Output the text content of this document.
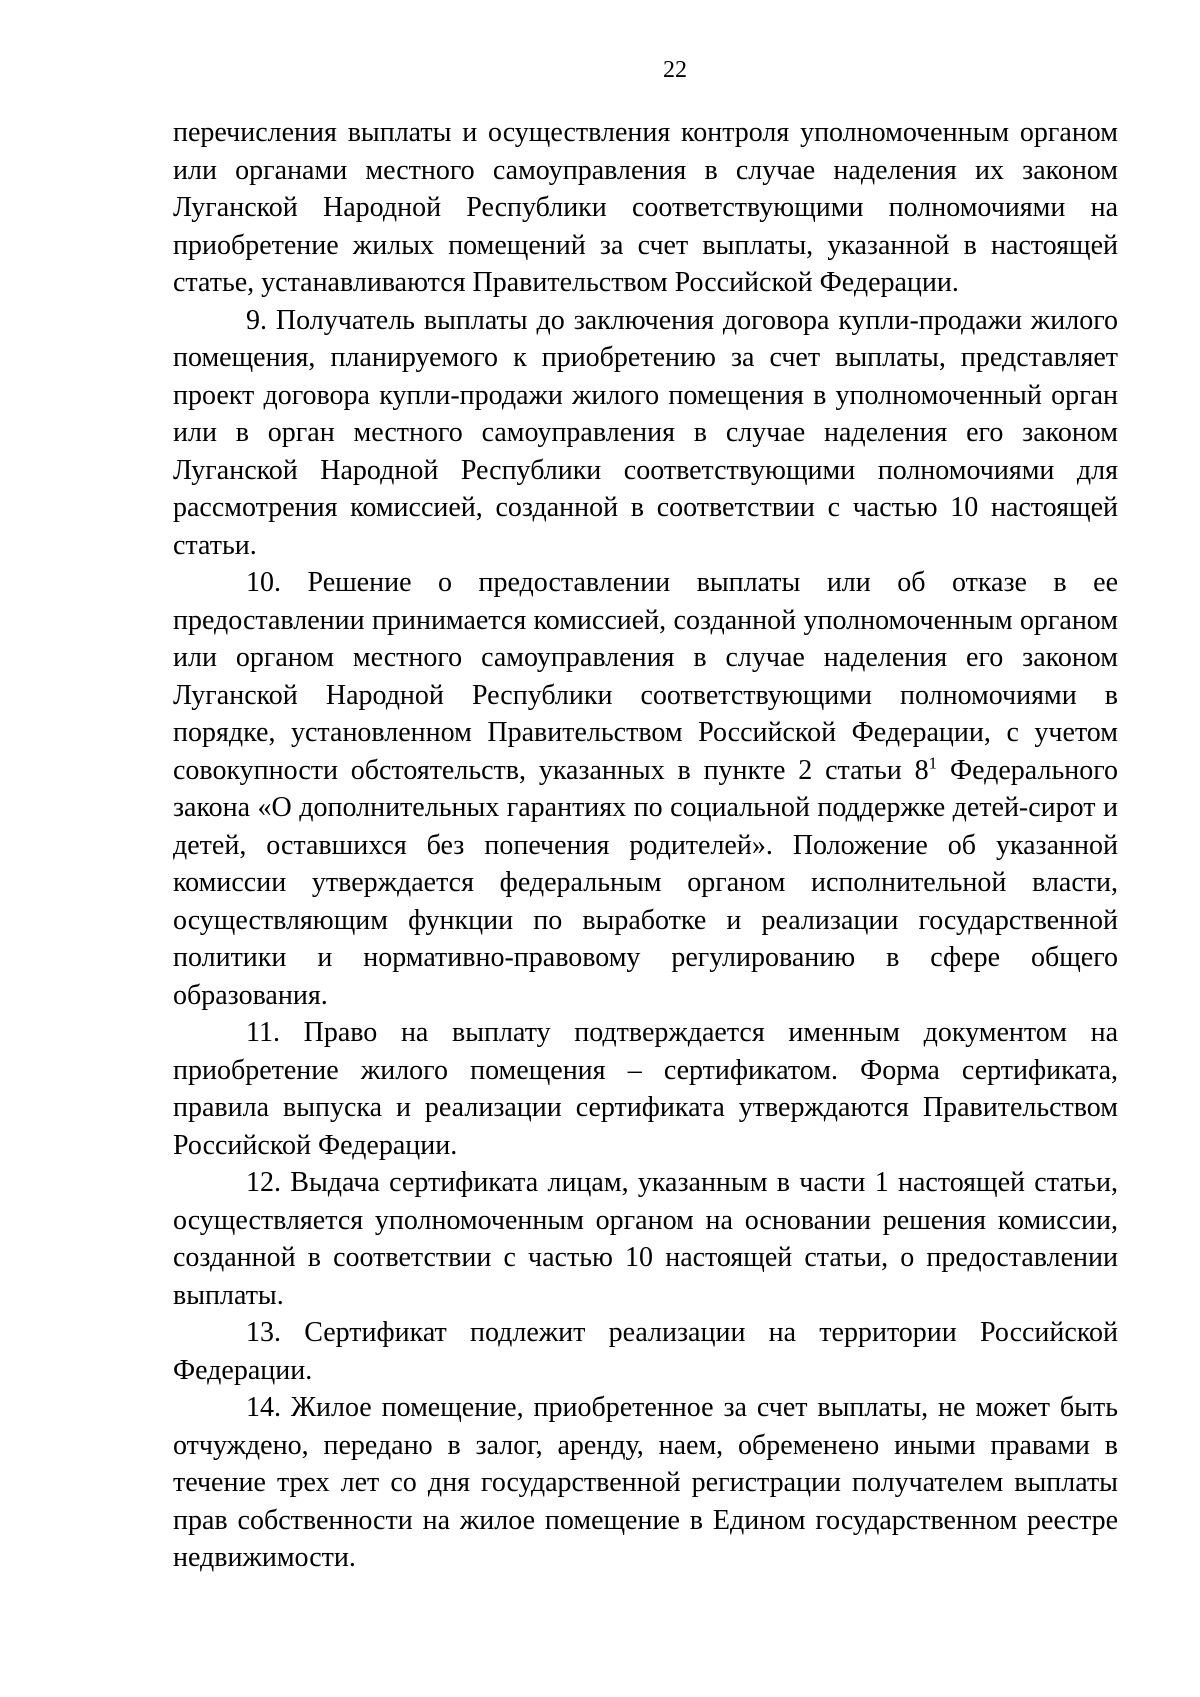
22

перечисления выплаты и осуществления контроля уполномоченным органом или органами местного самоуправления в случае наделения их законом Луганской Народной Республики соответствующими полномочиями на приобретение жилых помещений за счет выплаты, указанной в настоящей статье, устанавливаются Правительством Российской Федерации.

9. Получатель выплаты до заключения договора купли-продажи жилого помещения, планируемого к приобретению за счет выплаты, представляет проект договора купли-продажи жилого помещения в уполномоченный орган или в орган местного самоуправления в случае наделения его законом Луганской Народной Республики соответствующими полномочиями для рассмотрения комиссией, созданной в соответствии с частью 10 настоящей статьи.

10. Решение о предоставлении выплаты или об отказе в ее предоставлении принимается комиссией, созданной уполномоченным органом или органом местного самоуправления в случае наделения его законом Луганской Народной Республики соответствующими полномочиями в порядке, установленном Правительством Российской Федерации, с учетом совокупности обстоятельств, указанных в пункте 2 статьи $8^1$ Федерального закона «О дополнительных гарантиях по социальной поддержке детей-сирот и детей, оставшихся без попечения родителей». Положение об указанной комиссии утверждается федеральным органом исполнительной власти, осуществляющим функции по выработке и реализации государственной политики и нормативно-правовому регулированию в сфере общего образования.

11. Право на выплату подтверждается именным документом на приобретение жилого помещения – сертификатом. Форма сертификата, правила выпуска и реализации сертификата утверждаются Правительством Российской Федерации.

12. Выдача сертификата лицам, указанным в части 1 настоящей статьи, осуществляется уполномоченным органом на основании решения комиссии, созданной в соответствии с частью 10 настоящей статьи, о предоставлении выплаты.

13. Сертификат подлежит реализации на территории Российской Федерации.

14. Жилое помещение, приобретенное за счет выплаты, не может быть отчуждено, передано в залог, аренду, наем, обременено иными правами в течение трех лет со дня государственной регистрации получателем выплаты прав собственности на жилое помещение в Едином государственном реестре недвижимости.
